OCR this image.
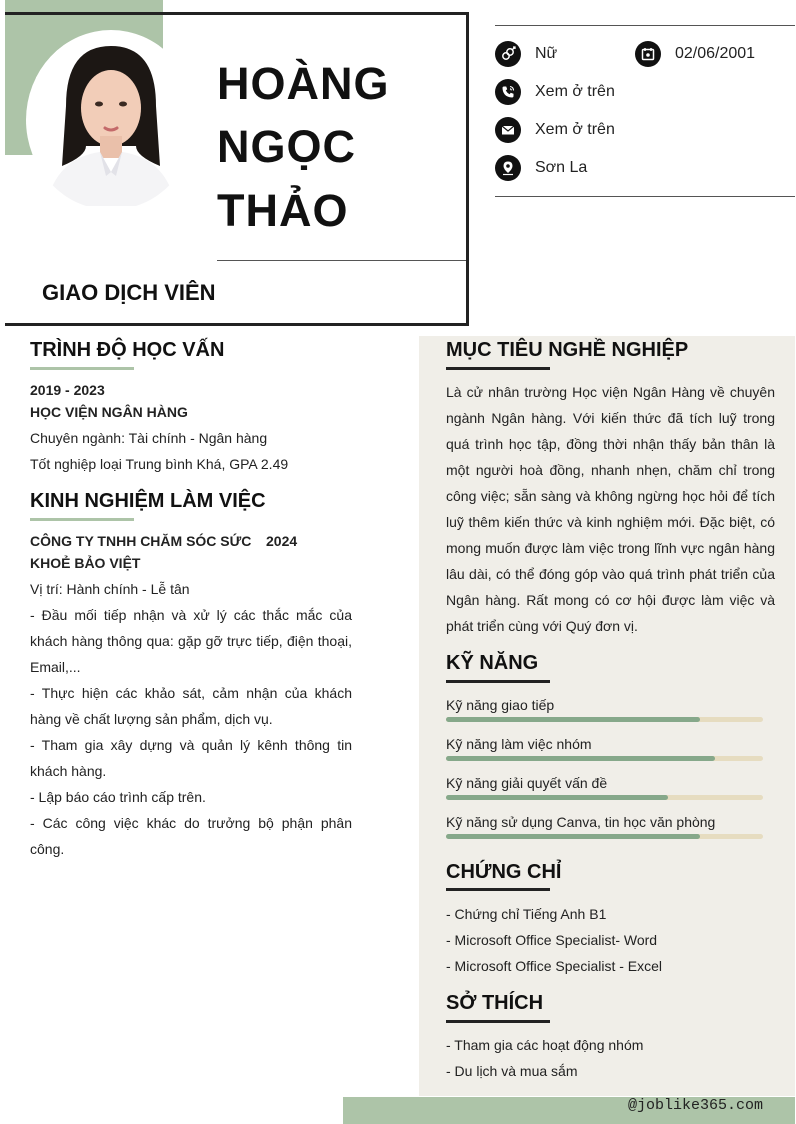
HOÀNG
NGỌC
THẢO
GIAO DỊCH VIÊN
Nữ	02/06/2001
Xem ở trên
Xem ở trên
Sơn La
TRÌNH ĐỘ HỌC VẤN
2019 - 2023
HỌC VIỆN NGÂN HÀNG
Chuyên ngành: Tài chính - Ngân hàng
Tốt nghiệp loại Trung bình Khá, GPA 2.49
KINH NGHIỆM LÀM VIỆC
CÔNG TY TNHH CHĂM SÓC SỨC 2024
KHOẺ BẢO VIỆT
Vị trí: Hành chính - Lễ tân
- Đầu mối tiếp nhận và xử lý các thắc mắc của khách hàng thông qua: gặp gỡ trực tiếp, điện thoại, Email,...
- Thực hiện các khảo sát, cảm nhận của khách hàng về chất lượng sản phẩm, dịch vụ.
- Tham gia xây dựng và quản lý kênh thông tin khách hàng.
- Lập báo cáo trình cấp trên.
- Các công việc khác do trưởng bộ phận phân công.
MỤC TIÊU NGHỀ NGHIỆP
Là cử nhân trường Học viện Ngân Hàng về chuyên ngành Ngân hàng. Với kiến thức đã tích luỹ trong quá trình học tập, đồng thời nhận thấy bản thân là một người hoà đồng, nhanh nhẹn, chăm chỉ trong công việc; sẵn sàng và không ngừng học hỏi để tích luỹ thêm kiến thức và kinh nghiệm mới. Đặc biệt, có mong muốn được làm việc trong lĩnh vực ngân hàng lâu dài, có thể đóng góp vào quá trình phát triển của Ngân hàng. Rất mong có cơ hội được làm việc và phát triển cùng với Quý đơn vị.
KỸ NĂNG
Kỹ năng giao tiếp
Kỹ năng làm việc nhóm
Kỹ năng giải quyết vấn đề
Kỹ năng sử dụng Canva, tin học văn phòng
CHỨNG CHỈ
- Chứng chỉ Tiếng Anh B1
- Microsoft Office Specialist- Word
- Microsoft Office Specialist - Excel
SỞ THÍCH
- Tham gia các hoạt động nhóm
- Du lịch và mua sắm
@joblike365.com
